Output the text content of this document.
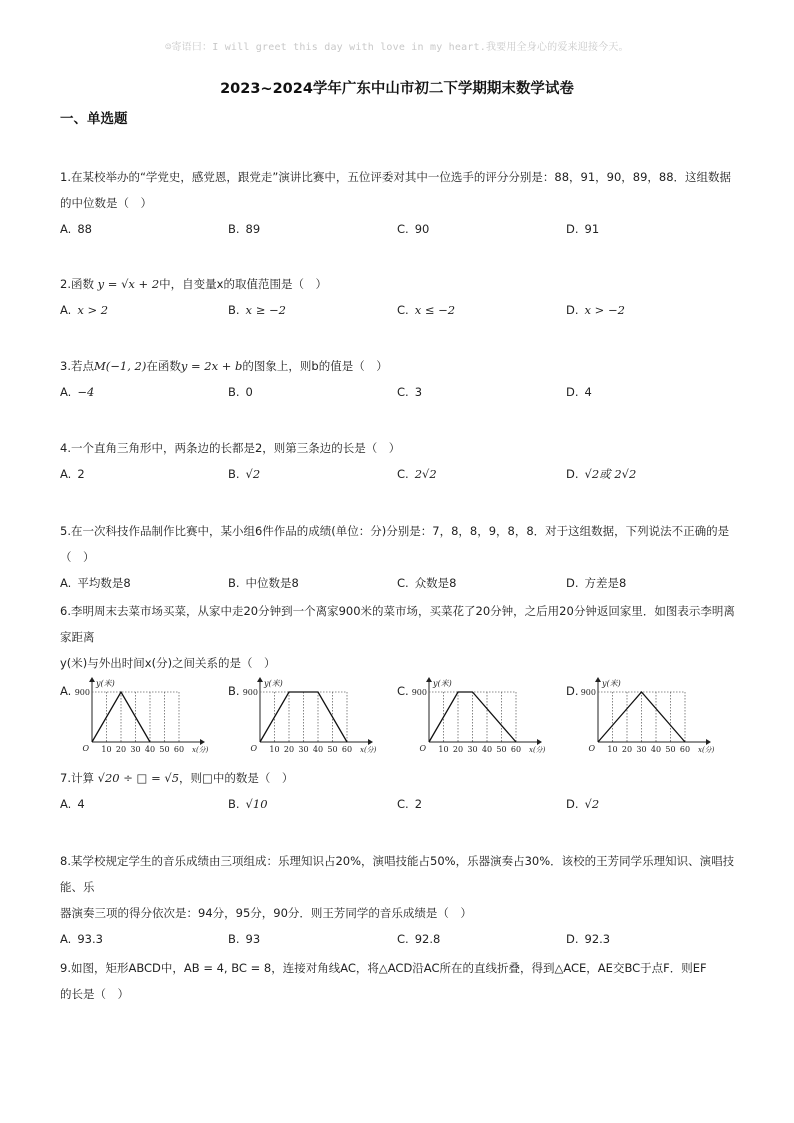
☺寄语曰：I will greet this day with love in my heart.我要用全身心的爱来迎接今天。
2023~2024学年广东中山市初二下学期期末数学试卷
一、单选题
1.在某校举办的“学党史，感党恩，跟党走”演讲比赛中，五位评委对其中一位选手的评分分别是：88，91，90，89，88．这组数据
的中位数是（　）
A. 88	B. 89	C. 90	D. 91
2.函数 y = √x + 2中，自变量x的取值范围是（　）
A. x > 2	B. x ≥ −2	C. x ≤ −2	D. x > −2
3.若点M(−1, 2)在函数y = 2x + b的图象上，则b的值是（　）
A. −4	B. 0	C. 3	D. 4
4.一个直角三角形中，两条边的长都是2，则第三条边的长是（　）
A. 2	B. √2	C. 2√2	D. √2或 2√2
5.在一次科技作品制作比赛中，某小组6件作品的成绩(单位：分)分别是：7，8，8，9，8，8．对于这组数据，下列说法不正确的是（　）
A. 平均数是8	B. 中位数是8	C. 众数是8	D. 方差是8
6.李明周末去菜市场买菜，从家中走20分钟到一个离家900米的菜市场，买菜花了20分钟，之后用20分钟返回家里．如图表示李明离家距离
y(米)与外出时间x(分)之间关系的是（　）
A.
y(米)
900
O 10 20 30 40 50 60 x(分)
B.
y(米)
900
O 10 20 30 40 50 60 x(分)
C.
y(米)
900
O 10 20 30 40 50 60 x(分)
D.
y(米)
900
O 10 20 30 40 50 60 x(分)
7.计算 √20 ÷ □ = √5，则□中的数是（　）
A. 4	B. √10	C. 2	D. √2
8.某学校规定学生的音乐成绩由三项组成：乐理知识占20%，演唱技能占50%，乐器演奏占30%．该校的王芳同学乐理知识、演唱技能、乐
器演奏三项的得分依次是：94分，95分，90分．则王芳同学的音乐成绩是（　）
A. 93.3	B. 93	C. 92.8	D. 92.3
9.如图，矩形ABCD中，AB = 4, BC = 8，连接对角线AC，将△ACD沿AC所在的直线折叠，得到△ACE，AE交BC于点F．则EF
的长是（　）
